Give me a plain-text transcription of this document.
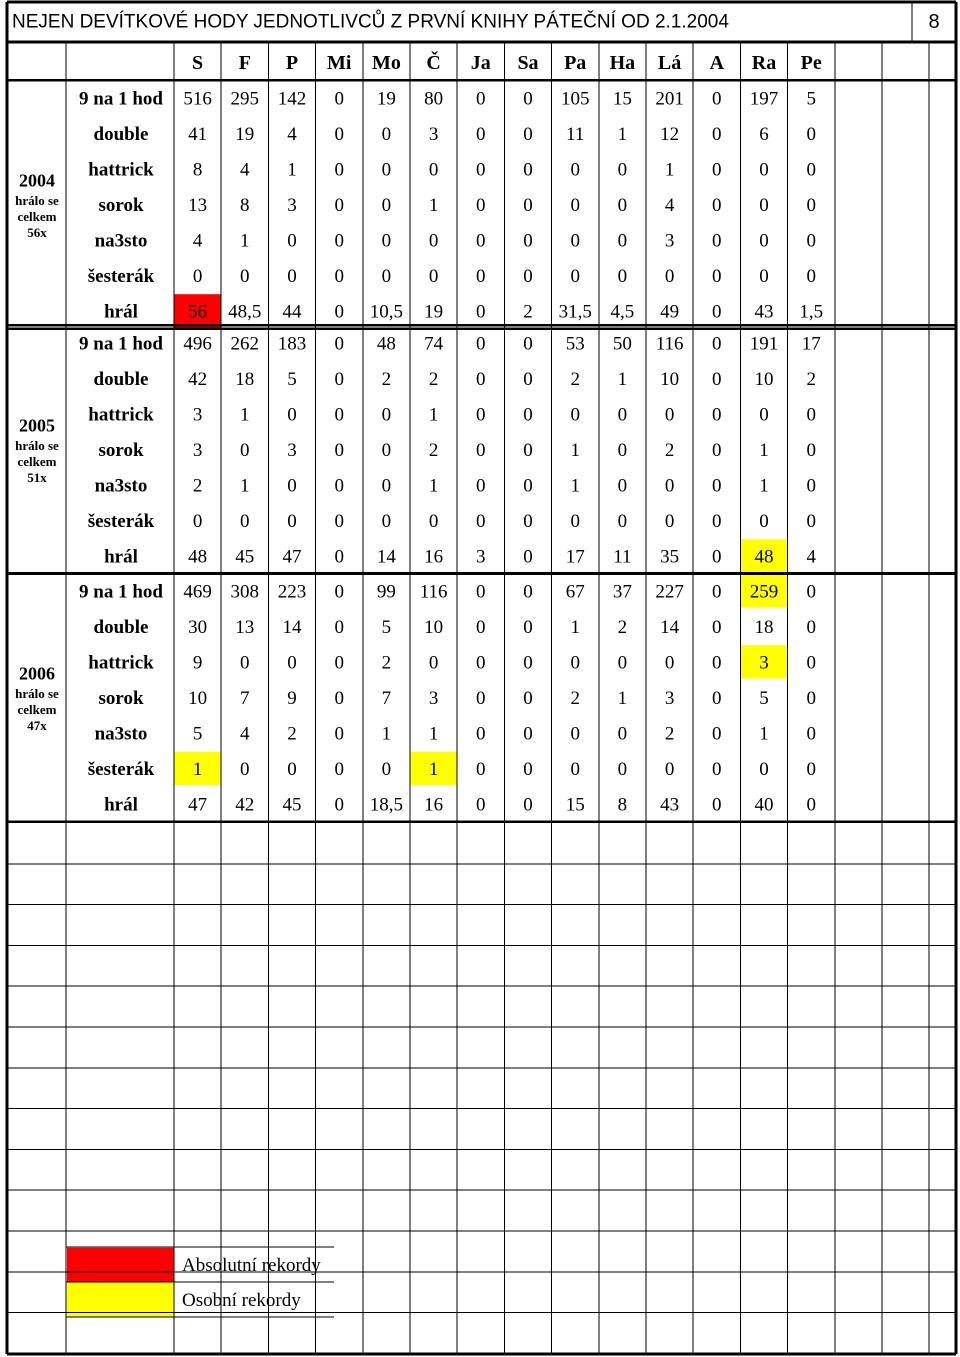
NEJEN DEVÍTKOVÉ HODY JEDNOTLIVCŮ Z PRVNÍ KNIHY PÁTEČNÍ OD 2.1.2004	8
S F P Mi Mo Č Ja Sa Pa Ha Lá A Ra Pe
9 na 1 hod 516 295 142 0 19 80 0 0 105 15 201 0 197 5
double 41 19 4 0 0 3 0 0 11 1 12 0 6 0
hattrick 8 4 1 0 0 0 0 0 0 0 1 0 0 0
sorok 13 8 3 0 0 1 0 0 0 0 4 0 0 0
na3sto 4 1 0 0 0 0 0 0 0 0 3 0 0 0
šesterák 0 0 0 0 0 0 0 0 0 0 0 0 0 0
hrál	56 48,5 44 0 10,5 19 0 2 31,5 4,5 49 0 43 1,5
2004
hrálo se
celkem
56x
9 na 1 hod 496 262 183 0 48 74 0 0 53 50 116 0 191 17
double 42 18 5 0 2 2 0 0 2 1 10 0 10 2
hattrick 3 1 0 0 0 1 0 0 0 0 0 0 0 0
sorok	3 0 3 0 0 2 0 0 1 0 2 0 1 0
na3sto 2 1 0 0 0 1 0 0 1 0 0 0 1 0
šesterák 0 0 0 0 0 0 0 0 0 0 0 0 0 0
hrál	48 45 47 0 14 16 3 0 17 11 35 0 48 4
2005
hrálo se
celkem
51x
9 na 1 hod 469 308 223 0 99 116 0 0 67 37 227 0 259 0
double 30 13 14 0 5 10 0 0 1 2 14 0 18 0
hattrick 9 0 0 0 2 0 0 0 0 0 0 0 3 0
sorok 10 7 9 0 7 3 0 0 2 1 3 0 5 0
na3sto 5 4 2 0 1 1 0 0 0 0 2 0 1 0
šesterák 1 0 0 0 0 1 0 0 0 0 0 0 0 0
hrál	47 42 45 0 18,5 16 0 0 15 8 43 0 40 0
2006
hrálo se
celkem
47x
Absolutní rekordy
Osobní rekordy
